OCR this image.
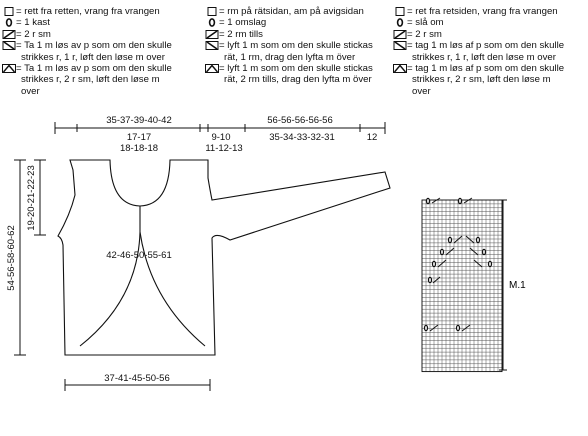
= rett fra retten, vrang fra vrangen
= 1 kast
= 2 r sm
= Ta 1 m løs av p som om den skulle
strikkes r, 1 r, løft den løse m over
= Ta 1 m løs av p som om den skulle
strikkes r, 2 r sm, løft den løse m
over
= rm på rätsidan, am på avigsidan
= 1 omslag
= 2 rm tills
= lyft 1 m som om den skulle stickas
rät, 1 rm, drag den lyfta m över
= lyft 1 m som om den skulle stickas
rät, 2 rm tills, drag den lyfta m över
= ret fra retsiden, vrang fra vrangen
= slå om
= 2 r sm
= tag 1 m løs af p som om den skulle
strikkes r, 1 r, løft den løse m over
= tag 1 m løs af p som om den skulle
strikkes r, 2 r sm, løft den løse m
over
35-37-39-40-42	56-56-56-56-56
17-17
18-18-18
9-10
11-12-13
35-34-33-32-31	12
42-46-50-55-61
37-41-45-50-56
54-56-58-60-62
19-20-21-22-23
M.1
